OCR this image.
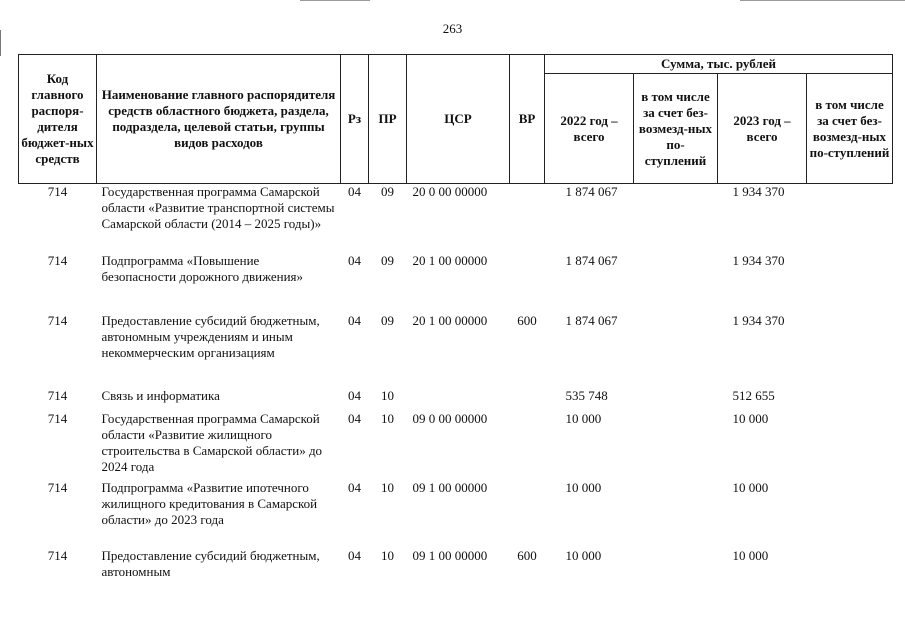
263
Код главного распоря-дителя бюджет-ных средств	Наименование главного распорядителя средств областного бюджета, раздела, подраздела, целевой статьи, группы видов расходов	Рз	ПР	ЦСР	ВР	Сумма, тыс. рублей			
						2022 год – всего	в том числе за счет без-возмезд-ных по-ступлений	2023 год – всего	в том числе за счет без-возмезд-ных по-ступлений
714	Государственная программа Самарской области «Развитие транспортной системы Самарской области (2014 – 2025 годы)»	04	09	20 0 00 00000		1 874 067		1 934 370	
714	Подпрограмма «Повышение безопасности дорожного движения»	04	09	20 1 00 00000		1 874 067		1 934 370	
714	Предоставление субсидий бюджетным, автономным учреждениям и иным некоммерческим организациям	04	09	20 1 00 00000	600	1 874 067		1 934 370	
714	Связь и информатика	04	10			535 748		512 655	
714	Государственная программа Самарской области «Развитие жилищного строительства в Самарской области» до 2024 года	04	10	09 0 00 00000		10 000		10 000	
714	Подпрограмма «Развитие ипотечного жилищного кредитования в Самарской области» до 2023 года	04	10	09 1 00 00000		10 000		10 000	
714	Предоставление субсидий бюджетным, автономным	04	10	09 1 00 00000	600	10 000		10 000	
